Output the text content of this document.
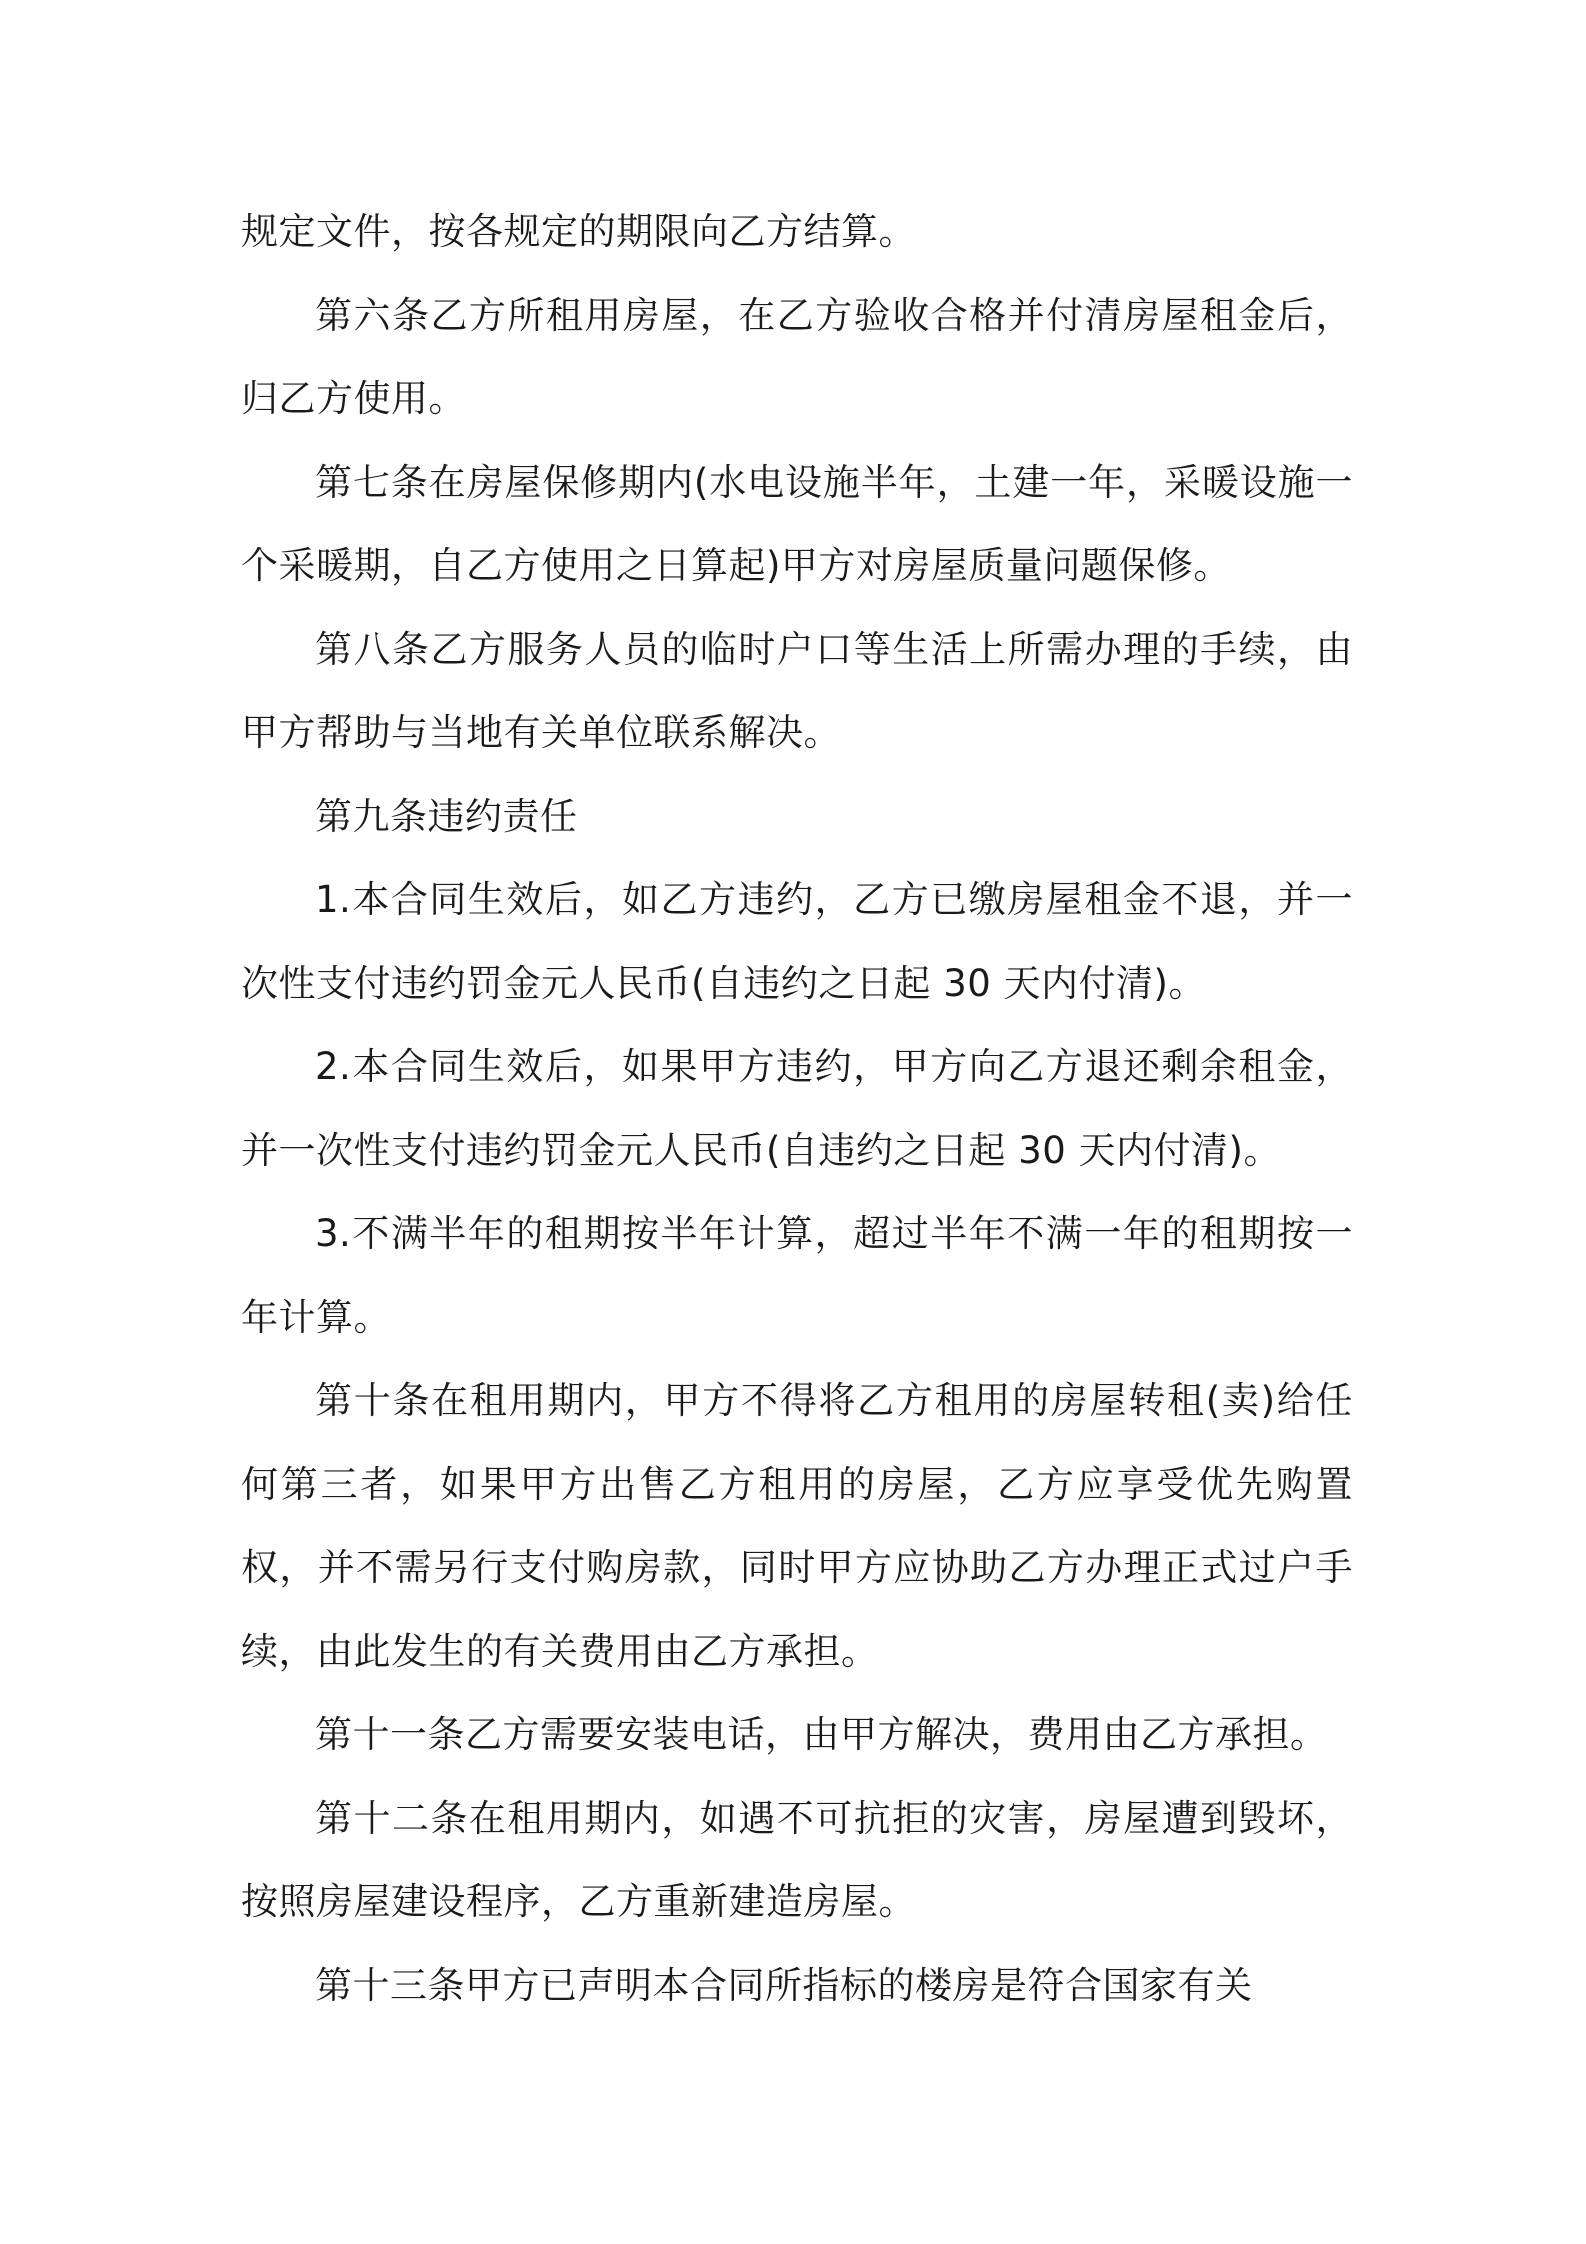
规定文件，按各规定的期限向乙方结算。

第六条乙方所租用房屋，在乙方验收合格并付清房屋租金后，归乙方使用。

第七条在房屋保修期内(水电设施半年，土建一年，采暖设施一个采暖期，自乙方使用之日算起)甲方对房屋质量问题保修。

第八条乙方服务人员的临时户口等生活上所需办理的手续，由甲方帮助与当地有关单位联系解决。

第九条违约责任

1.本合同生效后，如乙方违约，乙方已缴房屋租金不退，并一次性支付违约罚金元人民币(自违约之日起 30 天内付清)。

2.本合同生效后，如果甲方违约，甲方向乙方退还剩余租金，并一次性支付违约罚金元人民币(自违约之日起 30 天内付清)。

3.不满半年的租期按半年计算，超过半年不满一年的租期按一年计算。

第十条在租用期内，甲方不得将乙方租用的房屋转租(卖)给任何第三者，如果甲方出售乙方租用的房屋，乙方应享受优先购置权，并不需另行支付购房款，同时甲方应协助乙方办理正式过户手续，由此发生的有关费用由乙方承担。

第十一条乙方需要安装电话，由甲方解决，费用由乙方承担。

第十二条在租用期内，如遇不可抗拒的灾害，房屋遭到毁坏，按照房屋建设程序，乙方重新建造房屋。

第十三条甲方已声明本合同所指标的楼房是符合国家有关
